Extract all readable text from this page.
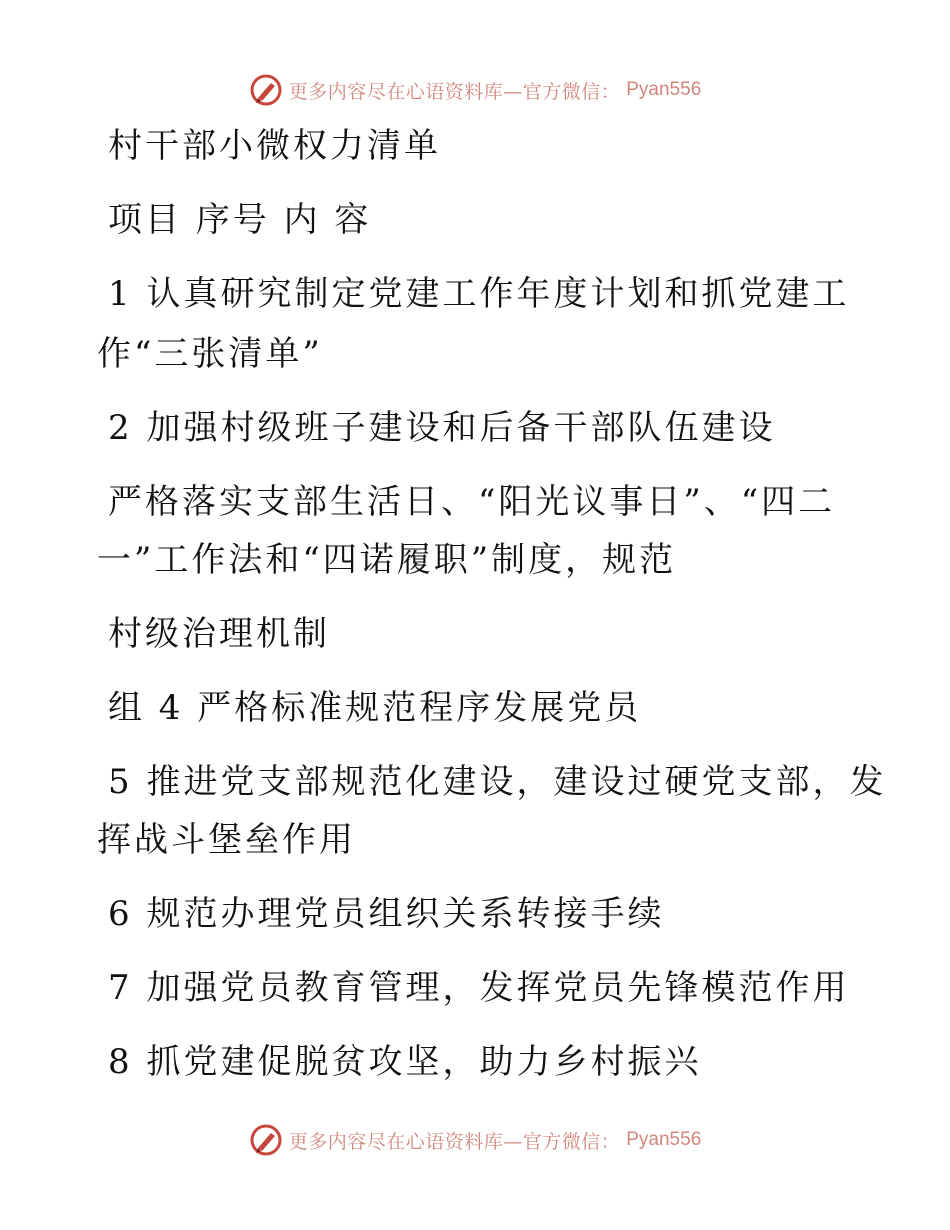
更多内容尽在心语资料库—官方微信： Pyan556
村干部小微权力清单
项目 序号 内 容
1 认真研究制定党建工作年度计划和抓党建工
作“三张清单”
2 加强村级班子建设和后备干部队伍建设
严格落实支部生活日、“阳光议事日”、“四二
一”工作法和“四诺履职”制度，规范
村级治理机制
组 4 严格标准规范程序发展党员
5 推进党支部规范化建设，建设过硬党支部，发
挥战斗堡垒作用
6 规范办理党员组织关系转接手续
7 加强党员教育管理，发挥党员先锋模范作用
8 抓党建促脱贫攻坚，助力乡村振兴
更多内容尽在心语资料库—官方微信： Pyan556
